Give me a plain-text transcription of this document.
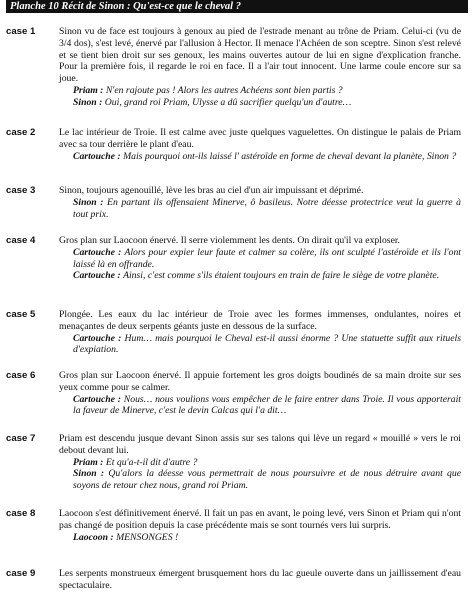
Planche 10 Récit de Sinon : Qu'est-ce que le cheval ?
case 1	Sinon vu de face est toujours à genoux au pied de l'estrade menant au trône de Priam. Celui-ci (vu de 3/4 dos), s'est levé, énervé par l'allusion à Hector. Il menace l'Achéen de son sceptre. Sinon s'est relevé et se tient bien droit sur ses genoux, les mains ouvertes autour de lui en signe d'explication franche. Pour la première fois, il regarde le roi en face. Il a l'air tout innocent. Une larme coule encore sur sa joue.
Priam : N'en rajoute pas ! Alors les autres Achéens sont bien partis ?
Sinon : Oui, grand roi Priam, Ulysse a dû sacrifier quelqu'un d'autre…
case 2	Le lac intérieur de Troie. Il est calme avec juste quelques vaguelettes. On distingue le palais de Priam avec sa tour derrière le plant d'eau.
Cartouche : Mais pourquoi ont-ils laissé l' astéroïde en forme de cheval devant la planète, Sinon ?
case 3	Sinon, toujours agenouillé, lève les bras au ciel d'un air impuissant et déprimé.
Sinon : En partant ils offensaient Minerve, ô basileus. Notre déesse protectrice veut la guerre à tout prix.
case 4	Gros plan sur Laocoon énervé. Il serre violemment les dents. On dirait qu'il va exploser.
Cartouche : Alors pour expier leur faute et calmer sa colère, ils ont sculpté l'astéroïde et ils l'ont laissé là en offrande.
Cartouche : Ainsi, c'est comme s'ils étaient toujours en train de faire le siège de votre planète.
case 5	Plongée. Les eaux du lac intérieur de Troie avec les formes immenses, ondulantes, noires et menaçantes de deux serpents géants juste en dessous de la surface.
Cartouche : Hum… mais pourquoi le Cheval est-il aussi énorme ? Une statuette suffit aux rituels d'expiation.
case 6	Gros plan sur Laocoon énervé. Il appuie fortement les gros doigts boudinés de sa main droite sur ses yeux comme pour se calmer.
Cartouche : Nous… nous voulions vous empêcher de le faire entrer dans Troie. Il vous apporterait la faveur de Minerve, c'est le devin Calcas qui l'a dit…
case 7	Priam est descendu jusque devant Sinon assis sur ses talons qui lève un regard « mouillé » vers le roi debout devant lui.
Priam : Et qu'a-t-il dit d'autre ?
Sinon : Qu'alors la déesse vous permettrait de nous poursuivre et de nous détruire avant que soyons de retour chez nous, grand roi Priam.
case 8	Laocoon s'est définitivement énervé. Il fait un pas en avant, le poing levé, vers Sinon et Priam qui n'ont pas changé de position depuis la case précédente mais se sont tournés vers lui surpris.
Laocoon : MENSONGES !
case 9	Les serpents monstrueux émergent brusquement hors du lac gueule ouverte dans un jaillissement d'eau spectaculaire.
